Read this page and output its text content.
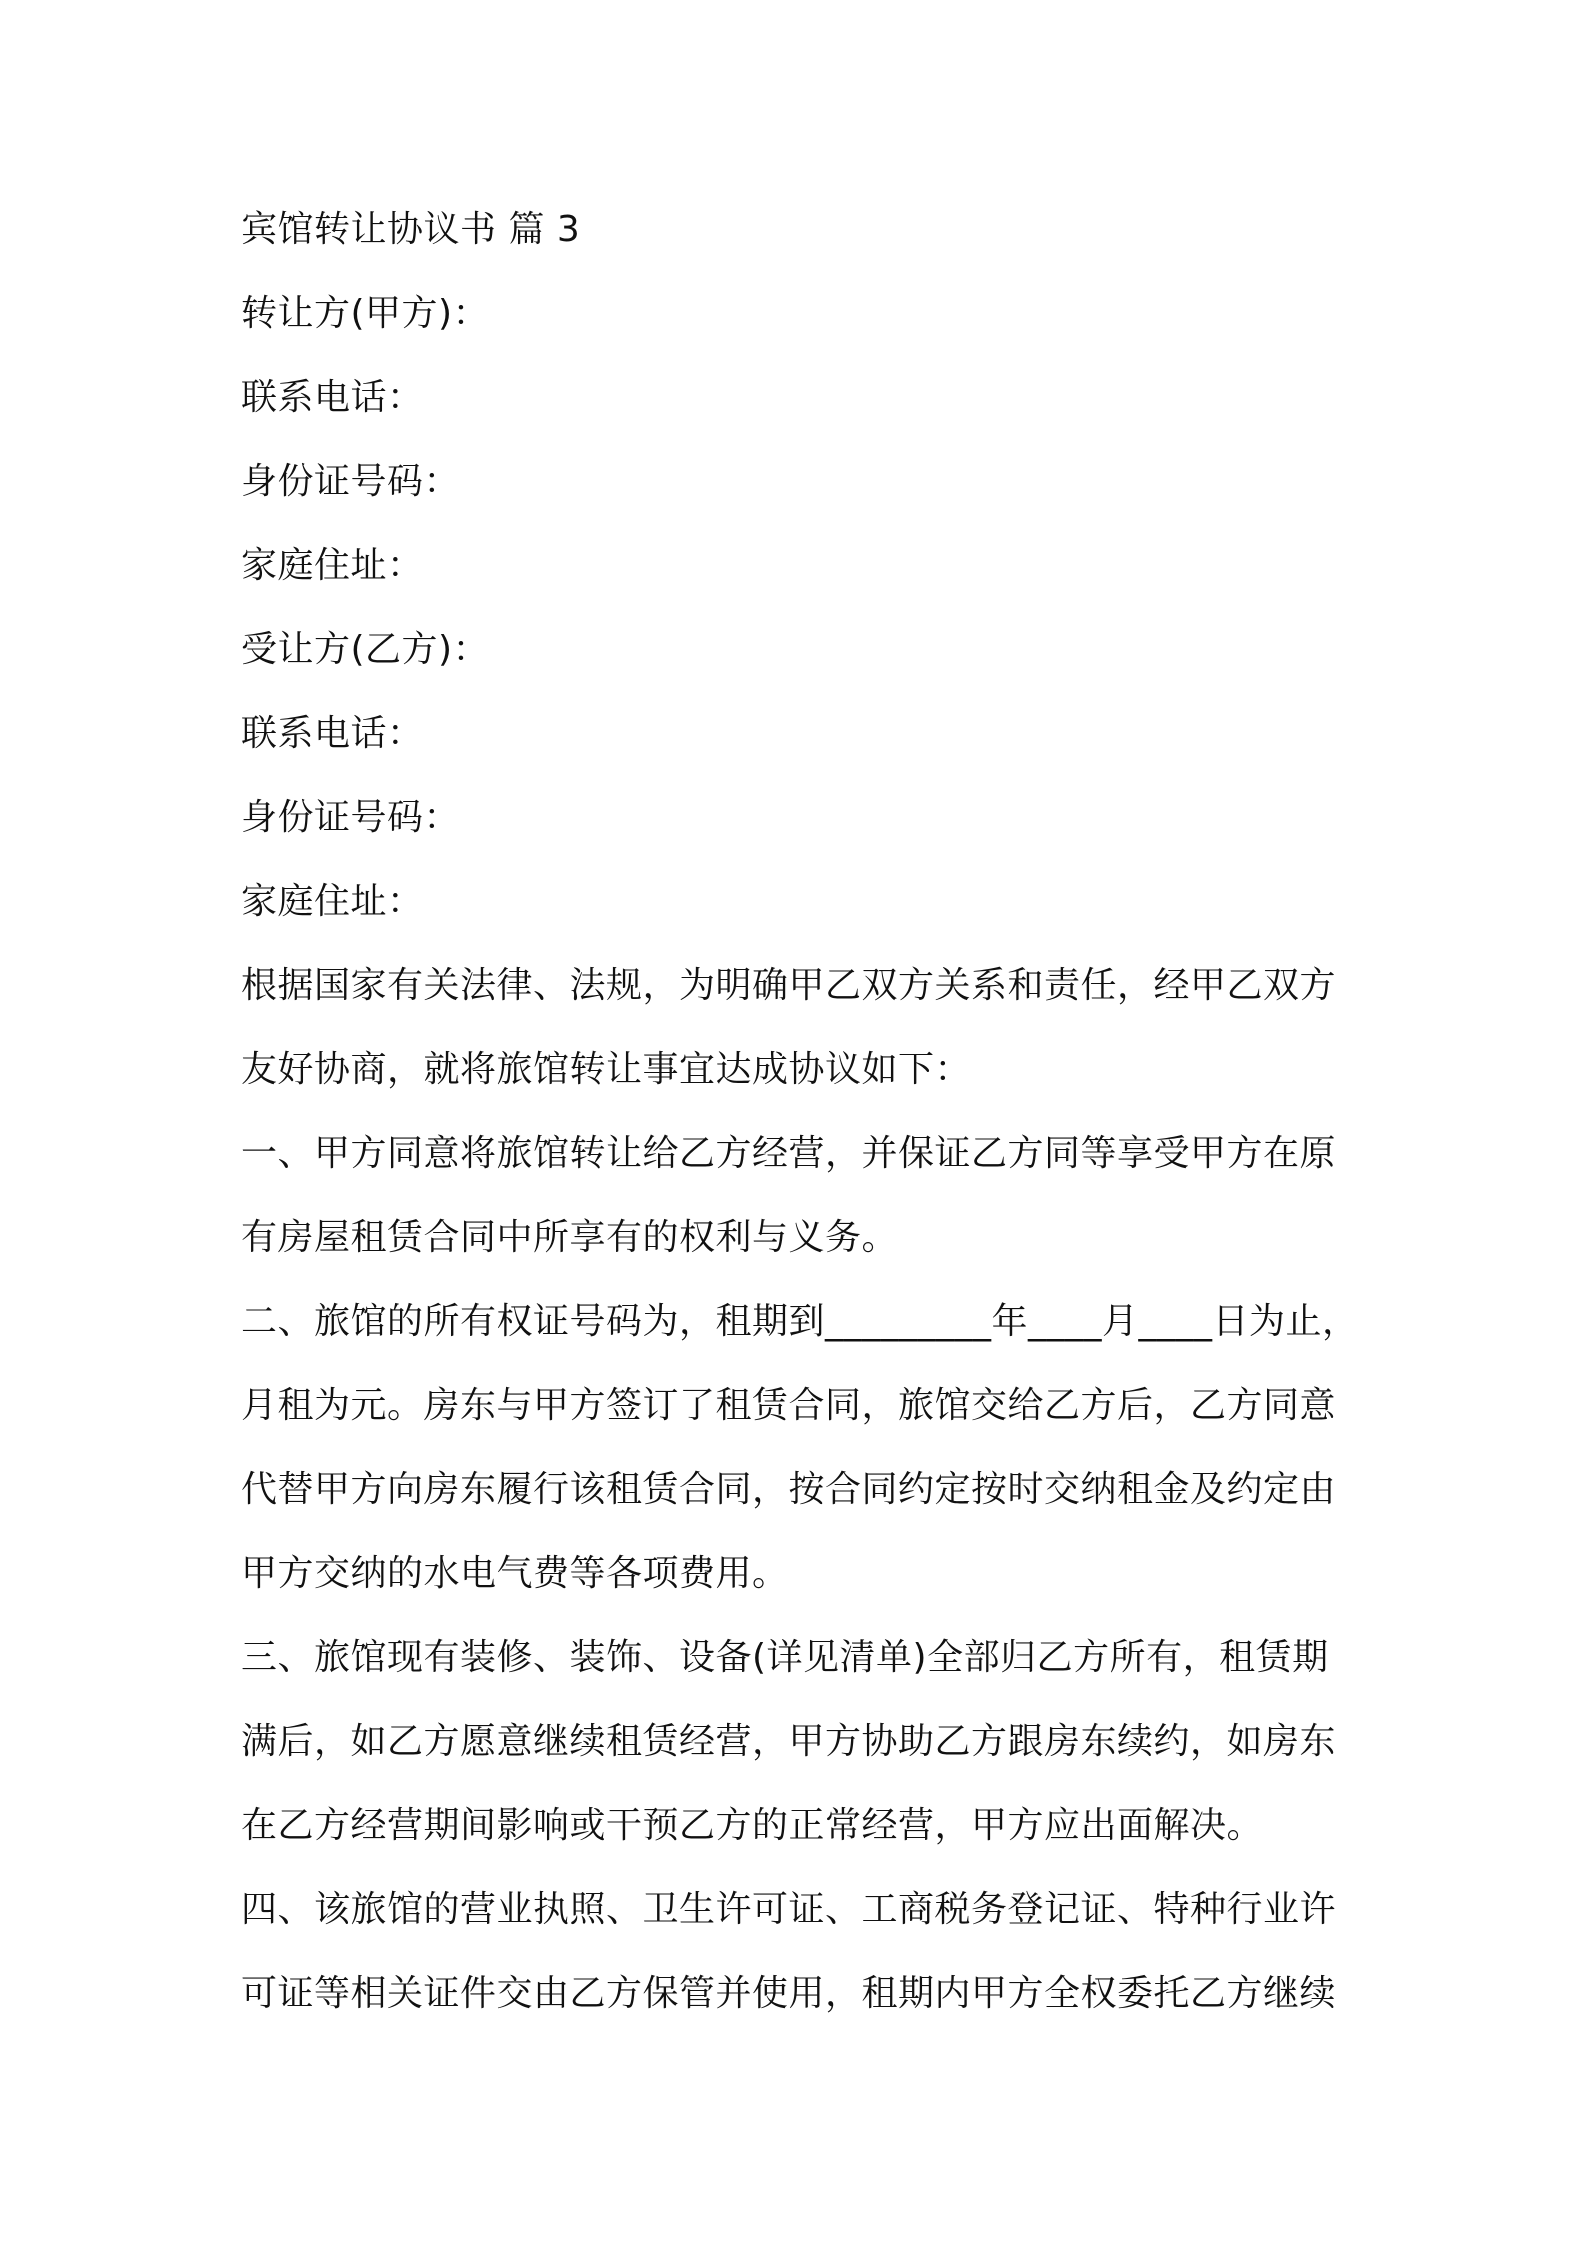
宾馆转让协议书 篇 3
转让方(甲方)：
联系电话：
身份证号码：
家庭住址：
受让方(乙方)：
联系电话：
身份证号码：
家庭住址：
根据国家有关法律、法规，为明确甲乙双方关系和责任，经甲乙双方
友好协商，就将旅馆转让事宜达成协议如下：
一、甲方同意将旅馆转让给乙方经营，并保证乙方同等享受甲方在原
有房屋租赁合同中所享有的权利与义务。
二、旅馆的所有权证号码为，租期到_________年____月____日为止，
月租为元。房东与甲方签订了租赁合同，旅馆交给乙方后，乙方同意
代替甲方向房东履行该租赁合同，按合同约定按时交纳租金及约定由
甲方交纳的水电气费等各项费用。
三、旅馆现有装修、装饰、设备(详见清单)全部归乙方所有，租赁期
满后，如乙方愿意继续租赁经营，甲方协助乙方跟房东续约，如房东
在乙方经营期间影响或干预乙方的正常经营，甲方应出面解决。
四、该旅馆的营业执照、卫生许可证、工商税务登记证、特种行业许
可证等相关证件交由乙方保管并使用，租期内甲方全权委托乙方继续
